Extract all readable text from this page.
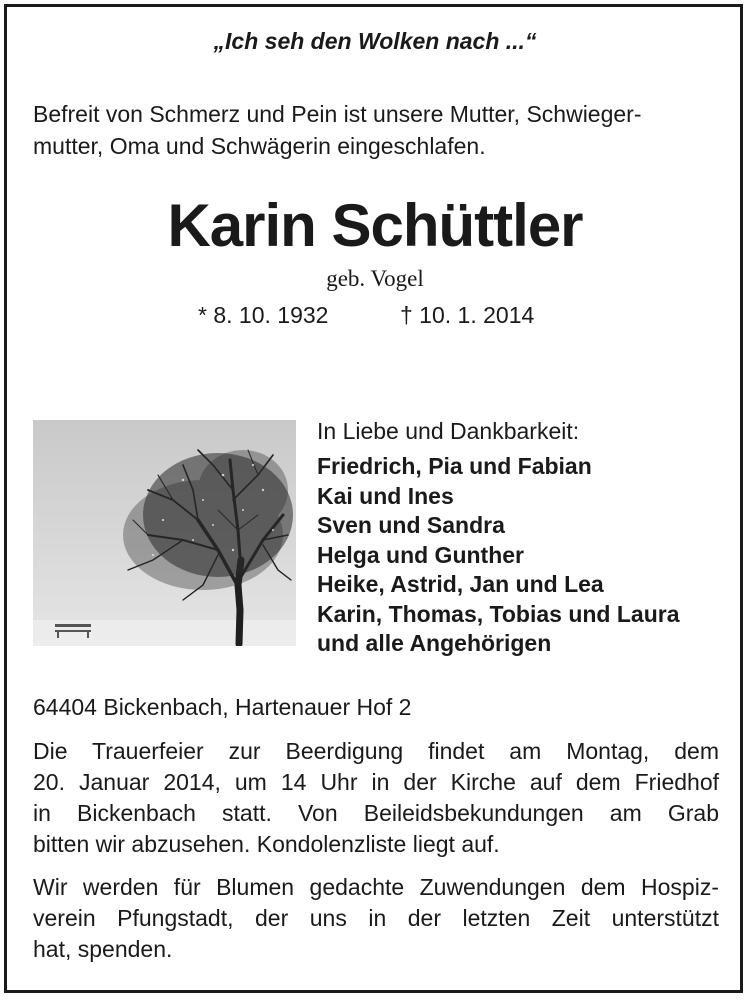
„Ich seh den Wolken nach ...“
Befreit von Schmerz und Pein ist unsere Mutter, Schwieger-
mutter, Oma und Schwägerin eingeschlafen.
Karin Schüttler
geb. Vogel
* 8. 10. 1932	† 10. 1. 2014
In Liebe und Dankbarkeit:
Friedrich, Pia und Fabian
Kai und Ines
Sven und Sandra
Helga und Gunther
Heike, Astrid, Jan und Lea
Karin, Thomas, Tobias und Laura
und alle Angehörigen
64404 Bickenbach, Hartenauer Hof 2
Die Trauerfeier zur Beerdigung findet am Montag, dem
20. Januar 2014, um 14 Uhr in der Kirche auf dem Friedhof
in Bickenbach statt. Von Beileidsbekundungen am Grab
bitten wir abzusehen. Kondolenzliste liegt auf.
Wir werden für Blumen gedachte Zuwendungen dem Hospiz-
verein Pfungstadt, der uns in der letzten Zeit unterstützt
hat, spenden.
